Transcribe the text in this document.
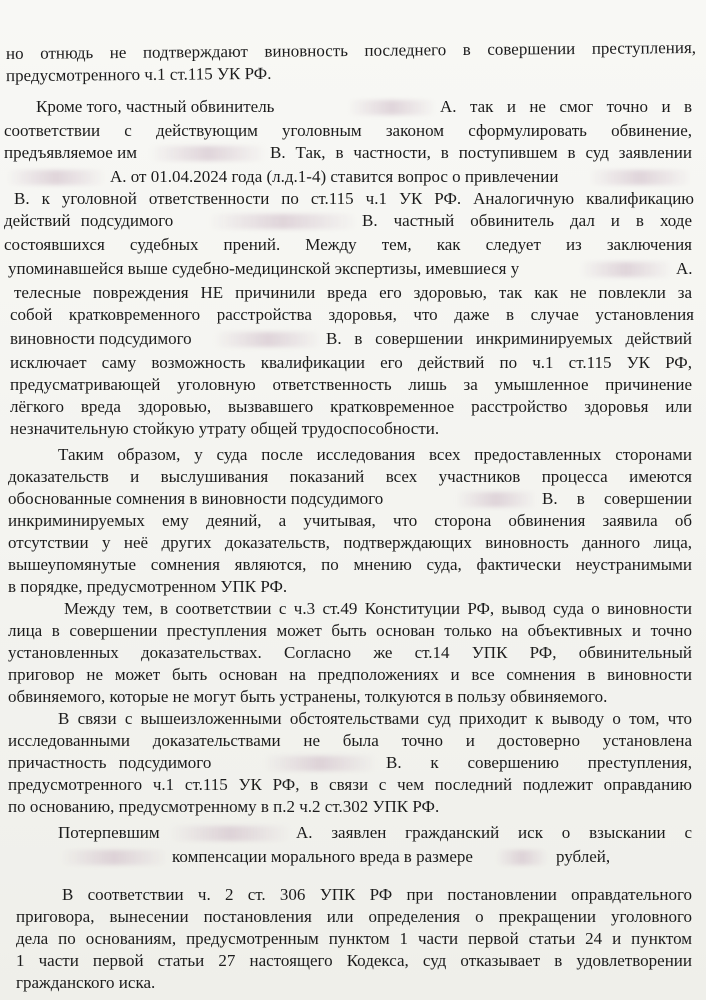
но отнюдь не подтверждают виновность последнего в совершении преступления,
предусмотренного ч.1 ст.115 УК РФ.
Кроме того, частный обвинитель	А. так и не смог точно и в
соответствии с действующим уголовным законом сформулировать обвинение,
предъявляемое им	В. Так, в частности, в поступившем в суд заявлении
А. от 01.04.2024 года (л.д.1-4) ставится вопрос о привлечении
В. к уголовной ответственности по ст.115 ч.1 УК РФ. Аналогичную квалификацию
действий подсудимого	В. частный обвинитель дал и в ходе
состоявшихся судебных прений. Между тем, как следует из заключения
упоминавшейся выше судебно-медицинской экспертизы, имевшиеся у	А.
телесные повреждения НЕ причинили вреда его здоровью, так как не повлекли за
собой кратковременного расстройства здоровья, что даже в случае установления
виновности подсудимого	В. в совершении инкриминируемых действий
исключает саму возможность квалификации его действий по ч.1 ст.115 УК РФ,
предусматривающей уголовную ответственность лишь за умышленное причинение
лёгкого вреда здоровью, вызвавшего кратковременное расстройство здоровья или
незначительную стойкую утрату общей трудоспособности.
Таким образом, у суда после исследования всех предоставленных сторонами
доказательств и выслушивания показаний всех участников процесса имеются
обоснованные сомнения в виновности подсудимого	В. в совершении
инкриминируемых ему деяний, а учитывая, что сторона обвинения заявила об
отсутствии у неё других доказательств, подтверждающих виновность данного лица,
вышеупомянутые сомнения являются, по мнению суда, фактически неустранимыми
в порядке, предусмотренном УПК РФ.
Между тем, в соответствии с ч.3 ст.49 Конституции РФ, вывод суда о виновности
лица в совершении преступления может быть основан только на объективных и точно
установленных доказательствах. Согласно же ст.14 УПК РФ, обвинительный
приговор не может быть основан на предположениях и все сомнения в виновности
обвиняемого, которые не могут быть устранены, толкуются в пользу обвиняемого.
В связи с вышеизложенными обстоятельствами суд приходит к выводу о том, что
исследованными доказательствами не была точно и достоверно установлена
причастность подсудимого	В. к совершению преступления,
предусмотренного ч.1 ст.115 УК РФ, в связи с чем последний подлежит оправданию
по основанию, предусмотренному в п.2 ч.2 ст.302 УПК РФ.
Потерпевшим	А. заявлен гражданский иск о взыскании с
компенсации морального вреда в размере	рублей,
В соответствии ч. 2 ст. 306 УПК РФ при постановлении оправдательного
приговора, вынесении постановления или определения о прекращении уголовного
дела по основаниям, предусмотренным пунктом 1 части первой статьи 24 и пунктом
1 части первой статьи 27 настоящего Кодекса, суд отказывает в удовлетворении
гражданского иска.
